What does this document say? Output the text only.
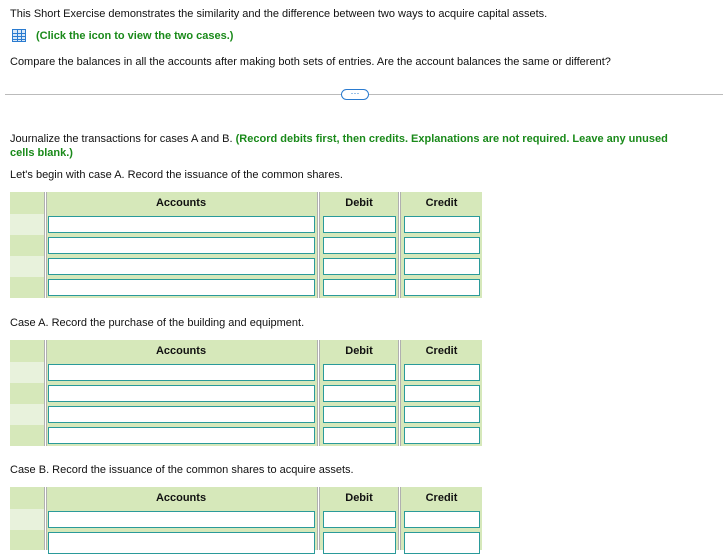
This Short Exercise demonstrates the similarity and the difference between two ways to acquire capital assets.
(Click the icon to view the two cases.)
Compare the balances in all the accounts after making both sets of entries. Are the account balances the same or different?
⋯
Journalize the transactions for cases A and B. (Record debits first, then credits. Explanations are not required. Leave any unused
cells blank.)
Let's begin with case A. Record the issuance of the common shares.
Accounts	Debit	Credit
Case A. Record the purchase of the building and equipment.
Accounts	Debit	Credit
Case B. Record the issuance of the common shares to acquire assets.
Accounts	Debit	Credit
